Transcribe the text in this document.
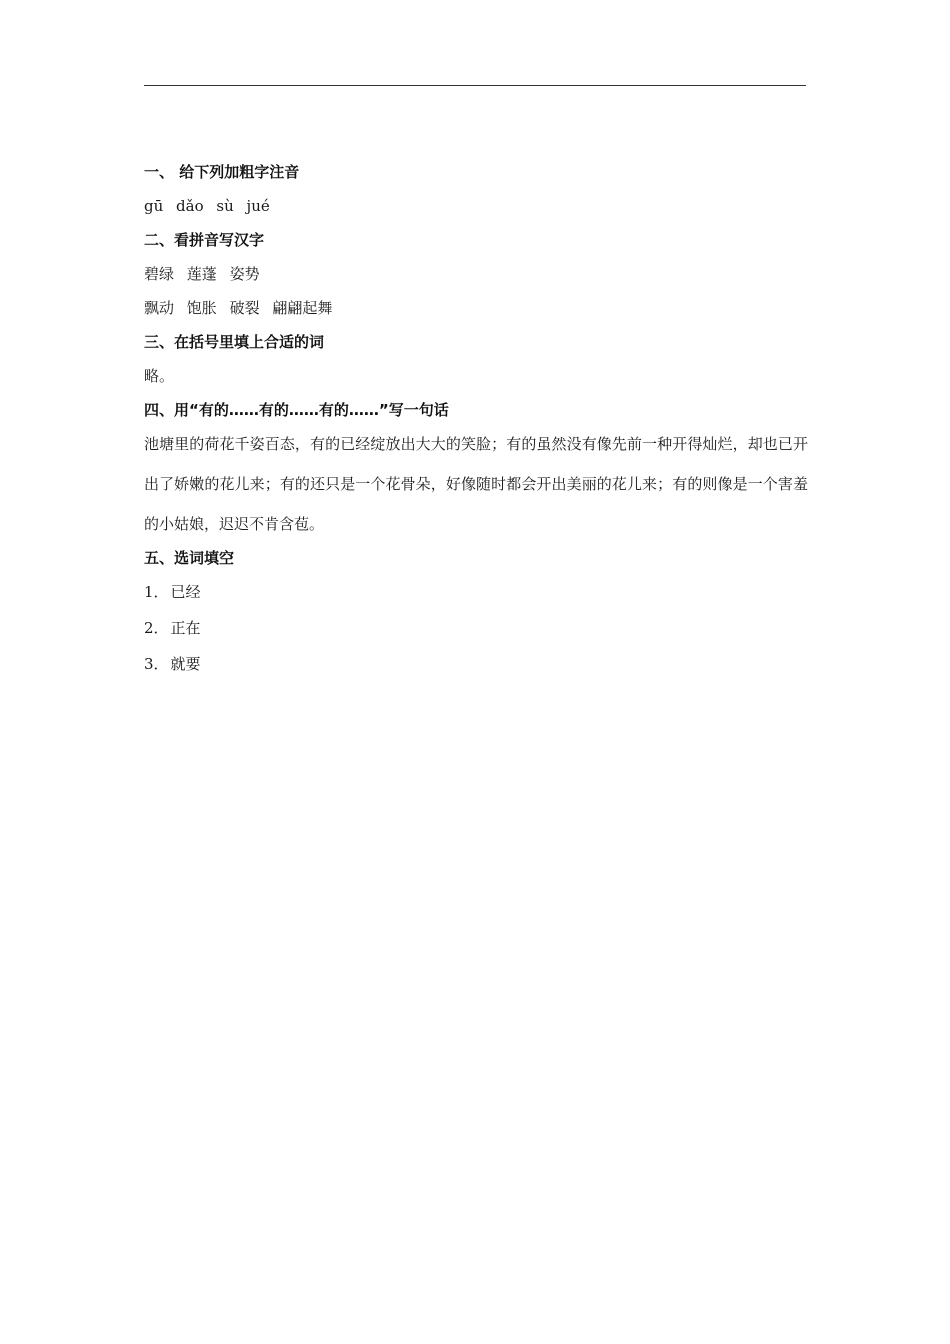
一、 给下列加粗字注音
gū dǎo sù jué
二、看拼音写汉字
碧绿 莲蓬 姿势
飘动 饱胀 破裂 翩翩起舞
三、在括号里填上合适的词
略。
四、用“有的……有的……有的……”写一句话
池塘里的荷花千姿百态，有的已经绽放出大大的笑脸；有的虽然没有像先前一种开得灿烂，却也已开出了娇嫩的花儿来；有的还只是一个花骨朵，好像随时都会开出美丽的花儿来；有的则像是一个害羞的小姑娘，迟迟不肯含苞。
五、选词填空
1． 已经
2． 正在
3． 就要
